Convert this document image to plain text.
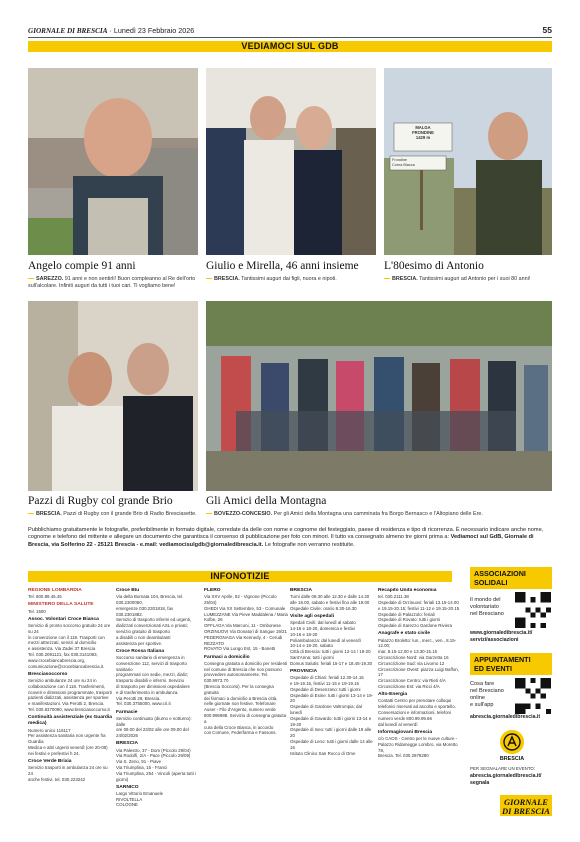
GIORNALE DI BRESCIA · Lunedì 23 Febbraio 2026	55
VEDIAMOCI SUL GDB
MALGA
FRONDINE
1429 m
Frondine
Corna Blacca
Angelo compie 91 anni
SAREZZO. 91 anni e non sentirli! Buon compleanno al Re dell'orto sull'alcolare. Infiniti auguri da tutti i tuoi cari. Ti vogliamo bene!
Giulio e Mirella, 46 anni insieme
BRESCIA. Tantissimi auguri dai figli, nuora e nipoti.
L'80esimo di Antonio
BRESCIA. Tantissimi auguri ad Antonio per i suoi 80 anni!
Pazzi di Rugby col grande Brio
BRESCIA. Pazzi di Rugby con il grande Brio di Radio Bresciasette.
Gli Amici della Montagna
BOVEZZO-CONCESIO. Per gli Amici della Montagna una camminata fra Borgo Bernasco e l'Altopiano delle Ere.
Pubblichiamo gratuitamente le fotografie, preferibilmente in formato digitale, corredate da delle con nome e cognome del festeggiato, paese di residenza e tipo di ricorrenza. È necessario indicare anche nome, cognome e telefono del mittente e allegare un documento che garantisca il consenso di pubblicazione per foto con minori. Il tutto va consegnato almeno tre giorni prima a: Vediamoci sul GdB, Giornale di Brescia, via Solferino 22 - 25121 Brescia - e.mail: vediamocisulgdb@giornaledibrescia.it. Le fotografie non verranno restituite.
INFONOTIZIE
REGIONE LOMBARDIA
Tel. 800.89.45.45
MINISTERO DELLA SALUTE
Tel. 1500
Assoc. Volontari Croce Bianca
Servizio di pronto soccorso gratuito 24 ore su 24
in convenzione con il 118. Trasporti con
mezzi attrezzati, servizi al domicilio
e assistenza. Via Zadei 37 Brescia
Tel. 030.2091121, fax 030.3141083,
www.crocebiancabrescia.org,
comunicazione@crocebiancabrescia.it.
Bresciasoccorso
Servizio ambulanze 24 ore su 24 in
collaborazione con il 118. Trasferimenti,
ricoveri e dimissioni programmate, trasporti
pazienti dializzati, assistenza per sportive
e manifestazioni. Via Perotti 2, Brescia.
Tel. 030.8370090, www.bresciasoccorso.it
Continuità assistenziale (ex Guardia medica)
Numero unico 116117
Per assistenza sanitaria non urgente fra Guardia
Medica e altri urgenti venerdì (ore 20-08)
nei festivi e prefestivi h 24.
Croce Verde Brixia
Servizio trasporti in ambulanza 24 ore su 24
anche festivi. tel. 030.223242
Croce Blu
Via della Bornata 104, Brescia, tel. 030.2300050,
emergenze 030.2301818, fax 030.2301882.
Servizio di trasporto infermi ed urgenti,
dializzati convenzionati ASL e privati;
servizio gratuito di trasporto
a disabili o non deambulanti
assistenza per sportive.
Croce Rossa Italiana
Soccorso sanitario di emergenza in
convenzione 112, servizi di trasporto sanitario
programmati con sedie, mezzi, dializ;
trasporto disabili e infermi. Servizio
di trasporto per dimissioni ospedaliere
e di trasferimento in ambulanza.
Via Perotti 29, Brescia.
Tel. 030.3755000, www.cri.it
Farmacie
Servizio continuato (diurno e notturno): dalle
ore 09.00 del 23/02 alle ore 09.00 del 24/02/2026
BRESCIA
Via Palestro, 37 - Dom (Piccolo 29/04)
Via Rodolfi, 2/A - Pace (Piccolo 29/09)
Via S. Zeno, 91 - Piave
Via Triumplina, 15 - Franci
Via Triumplina, 254 - Vincoli (aperta tutti i giorni)
SARNICO
Largo Vittorio Emanuele
RIVOLTELLA
COLOGNE
FLERO
Via XXV Aprile, 52 - Vignone (Piccolo 25/04)
GHEDI Via XX Settembre, 53 - Comunale
LUMEZZANE Via Pieve Maddalena / Maria Kolbe, 26
OFFLAGA Via Marconi, 11 - Ombonese
ORZINUOVI Via Donatori di Sangue 19/21
PEDERGNAGA Via Kennedy, 4 - Cerudi
REZZATO
ROVATO Via Lungo Est, 15 - Bonetti
Farmaci a domicilio
Consegna gratuita a domicilio per residenti
nel comune di Brescia che non possono
provvedere autonomamente. Tel. 030.9973.70
(Brescia Soccorsi). Per la consegna gratuita
dei farmaci a domicilio a Brescia città,
nelle giornate non festive. Telefonare
Auser - Filo d'Argento, numero verde
800.995988. Servizio di consegna gratuita a
cura della Croce Bianca, in accordo
con Comune, Federfarma e Fassons.
BRESCIA
Turni dalle 08.30 alle 12.30 e dalle 14.30
alle 18.00, sabato e festivi fino alle 19.00
Ospedale Civile: orario 8.30-16.30
Visite agli ospedali
Spedali Civili: dal lunedì al sabato
14-16 e 18-20, domenica e festivi
10-16 e 18-20
Poliambulanza: dal lunedì al venerdì
10-14 e 18-20, sabato
Città di Brescia: tutti i giorni 12-14 / 19-20
Sant'Anna: tutti i giorni
Domus Salutis: feriali 15-17 e 18.45-19.30
PROVINCIA
Ospedale di Chiari: feriali 12.30-14.15
e 19-19.15, festivi 11-15 e 19-19.15
Ospedale di Desenzano: tutti i giorni
Ospedale di Esine: tutti i giorni 13-14 e 19-20
Ospedale di Gardone Valtrompia: dal lunedì
Ospedale di Gavardo: tutti i giorni 13-14 e 19-20
Ospedale di Iseo: tutti i giorni dalle 19 alle 20
Ospedale di Leno: tutti i giorni dalle 14 alle 16
Istituto Clinico San Rocco di Ome
Recapito Unità economia
tel. 030.2111.38
Ospedale di Orzinuovi: feriali 13.15-14.00
e 19.15-20.15; festivi 11-12 e 19.15-20.15
Ospedale di Palazzolo: feriali
Ospedale di Rovato: tutti i giorni
Ospedale di Sarezzo Gardone Riviera
Anagrafe e stato civile
Palazzo Broletto: lun., merc., ven., 8.15-12.00;
mar. 8.15-12.00 e 13.30-15.15
Circoscrizione Nord: via Garzetta 16
Circoscrizione Sud: via Livorno 12
Circoscrizione Ovest: piazza Luigi Baffon, 17
Circoscrizione Centro: via Rieti 4/A
Circoscrizione Est: via Ricci 4/A
Alto-Energia
Contatti Centro per prenotare colloqui
telefonici riservati ad ascolto e sportello.
Conversazioni e informazioni, telefoni
numero verde 800.99.99.66
dal lunedì al venerdì
Informagiovani Brescia
c/o CAOS - Centro per le nuove culture -
Palazzo Ridamegge Lombro, via Moretto 78,
Brescia. Tel. 030.2978280
ASSOCIAZIONI
SOLIDALI
Il mondo del
volontariato
nel Bresciano
www.giornaledibrescia.it/
servizi/associazioni
APPUNTAMENTI
ED EVENTI
Cosa fare
nel Bresciano
online
e sull'app
abrescia.giornaledibrescia.it
BRESCIA
PER SEGNALARE UN EVENTO:
abrescia.giornaledibrescia.it/
segnala
GIORNALE
DI BRESCIA
